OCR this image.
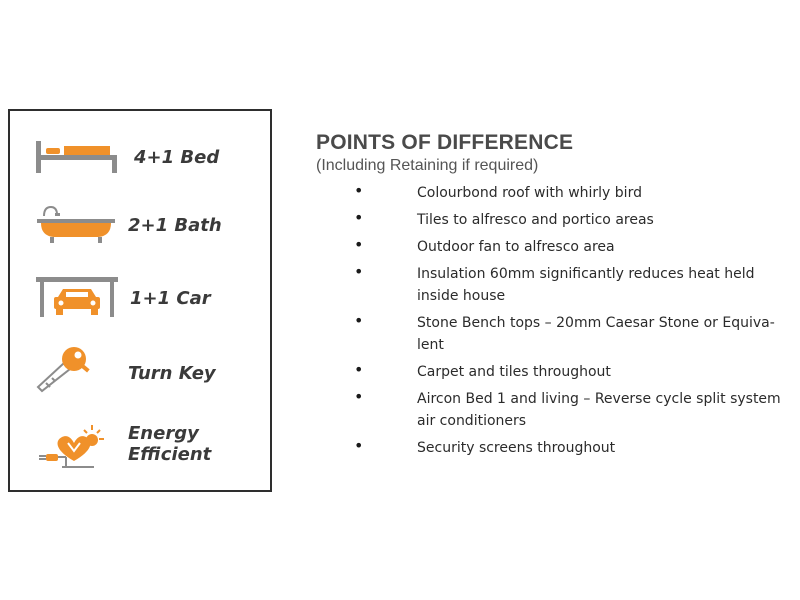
4+1 Bed
2+1 Bath
1+1 Car
Turn Key
Energy
Efficient
POINTS OF DIFFERENCE

(Including Retaining if required)

•	Colourbond roof with whirly bird
•	Tiles to alfresco and portico areas
•	Outdoor fan to alfresco area
•	Insulation 60mm significantly reduces heat held
inside house
•	Stone Bench tops – 20mm Caesar Stone or Equiva-
lent
•	Carpet and tiles throughout
•	Aircon Bed 1 and living – Reverse cycle split system
air conditioners
•	Security screens throughout
